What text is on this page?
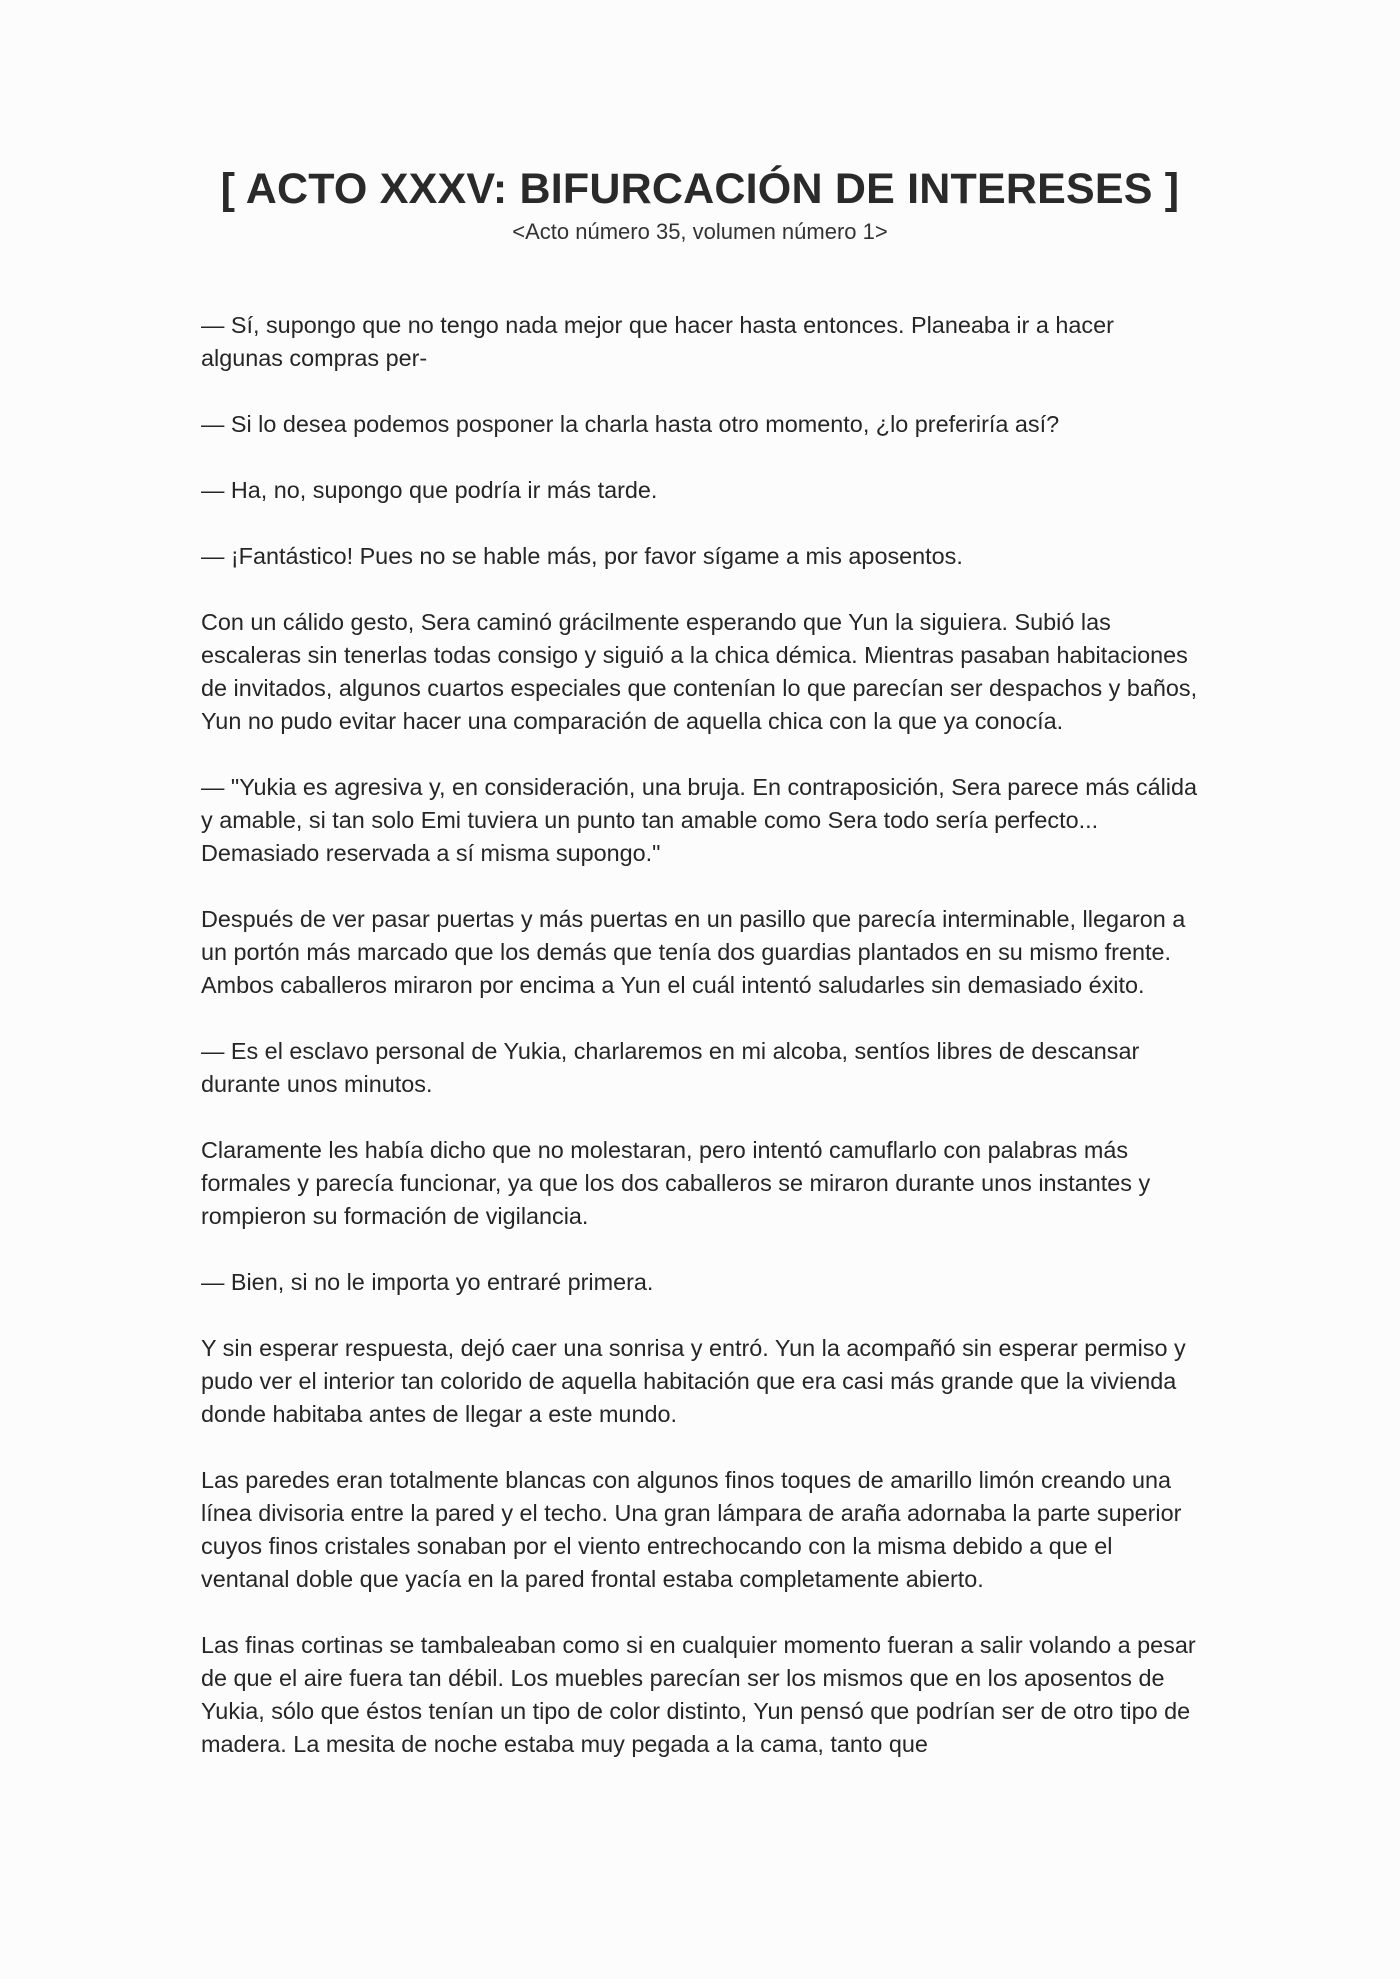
[ ACTO XXXV: BIFURCACIÓN DE INTERESES ]
<Acto número 35, volumen número 1>

— Sí, supongo que no tengo nada mejor que hacer hasta entonces. Planeaba ir a hacer algunas compras per-

— Si lo desea podemos posponer la charla hasta otro momento, ¿lo preferiría así?

— Ha, no, supongo que podría ir más tarde.

— ¡Fantástico! Pues no se hable más, por favor sígame a mis aposentos.

Con un cálido gesto, Sera caminó grácilmente esperando que Yun la siguiera. Subió las escaleras sin tenerlas todas consigo y siguió a la chica démica. Mientras pasaban habitaciones de invitados, algunos cuartos especiales que contenían lo que parecían ser despachos y baños, Yun no pudo evitar hacer una comparación de aquella chica con la que ya conocía.

— "Yukia es agresiva y, en consideración, una bruja. En contraposición, Sera parece más cálida y amable, si tan solo Emi tuviera un punto tan amable como Sera todo sería perfecto... Demasiado reservada a sí misma supongo."

Después de ver pasar puertas y más puertas en un pasillo que parecía interminable, llegaron a un portón más marcado que los demás que tenía dos guardias plantados en su mismo frente. Ambos caballeros miraron por encima a Yun el cuál intentó saludarles sin demasiado éxito.

— Es el esclavo personal de Yukia, charlaremos en mi alcoba, sentíos libres de descansar durante unos minutos.

Claramente les había dicho que no molestaran, pero intentó camuflarlo con palabras más formales y parecía funcionar, ya que los dos caballeros se miraron durante unos instantes y rompieron su formación de vigilancia.

— Bien, si no le importa yo entraré primera.

Y sin esperar respuesta, dejó caer una sonrisa y entró. Yun la acompañó sin esperar permiso y pudo ver el interior tan colorido de aquella habitación que era casi más grande que la vivienda donde habitaba antes de llegar a este mundo.

Las paredes eran totalmente blancas con algunos finos toques de amarillo limón creando una línea divisoria entre la pared y el techo. Una gran lámpara de araña adornaba la parte superior cuyos finos cristales sonaban por el viento entrechocando con la misma debido a que el ventanal doble que yacía en la pared frontal estaba completamente abierto.

Las finas cortinas se tambaleaban como si en cualquier momento fueran a salir volando a pesar de que el aire fuera tan débil. Los muebles parecían ser los mismos que en los aposentos de Yukia, sólo que éstos tenían un tipo de color distinto, Yun pensó que podrían ser de otro tipo de madera. La mesita de noche estaba muy pegada a la cama, tanto que
